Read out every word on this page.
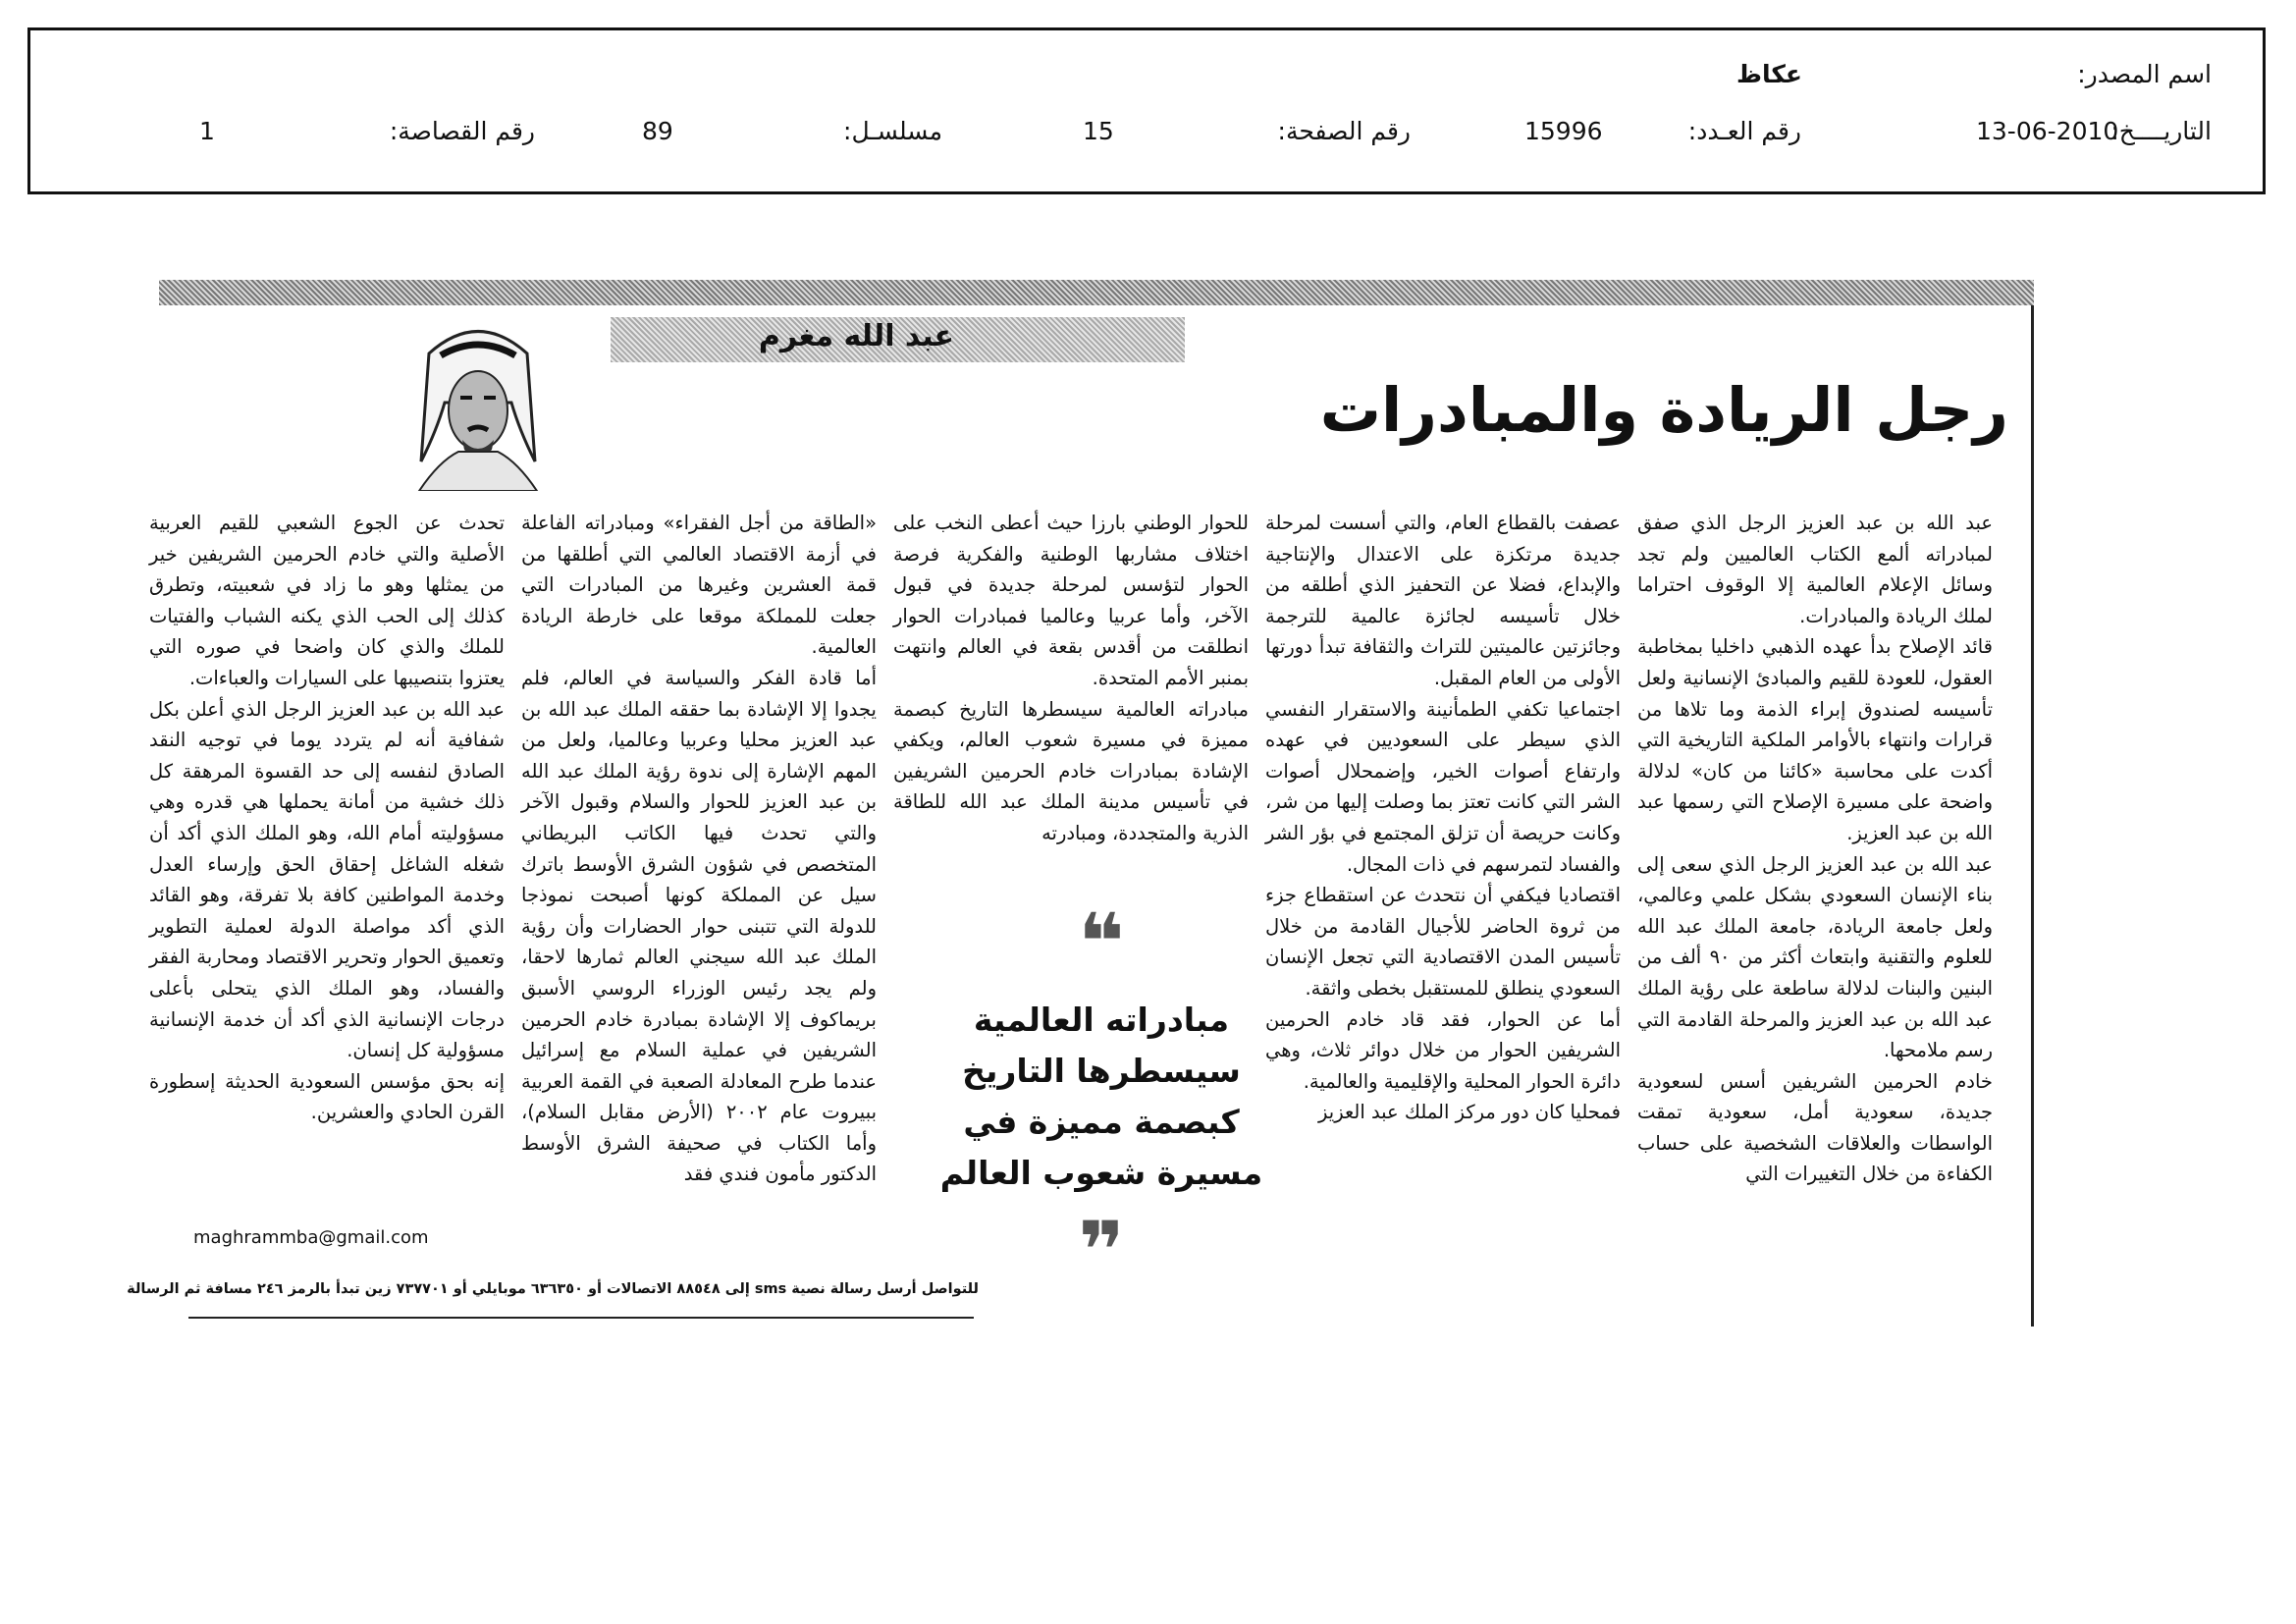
اسم المصدر:
عكاظ
التاريــــخ:
13-06-2010
رقم العـدد:
15996
رقم الصفحة:
15
مسلسـل:
89
رقم القصاصة:
1
عبد الله مغرم
رجل الريادة والمبادرات

عبد الله بن عبد العزيز الرجل الذي صفق لمبادراته ألمع الكتاب العالميين ولم تجد وسائل الإعلام العالمية إلا الوقوف احتراما لملك الريادة والمبادرات.

قائد الإصلاح بدأ عهده الذهبي داخليا بمخاطبة العقول، للعودة للقيم والمبادئ الإنسانية ولعل تأسيسه لصندوق إبراء الذمة وما تلاها من قرارات وانتهاء بالأوامر الملكية التاريخية التي أكدت على محاسبة «كائنا من كان» لدلالة واضحة على مسيرة الإصلاح التي رسمها عبد الله بن عبد العزيز.

عبد الله بن عبد العزيز الرجل الذي سعى إلى بناء الإنسان السعودي بشكل علمي وعالمي، ولعل جامعة الريادة، جامعة الملك عبد الله للعلوم والتقنية وابتعاث أكثر من ٩٠ ألف من البنين والبنات لدلالة ساطعة على رؤية الملك عبد الله بن عبد العزيز والمرحلة القادمة التي رسم ملامحها.

خادم الحرمين الشريفين أسس لسعودية جديدة، سعودية أمل، سعودية تمقت الواسطات والعلاقات الشخصية على حساب الكفاءة من خلال التغييرات التي

عصفت بالقطاع العام، والتي أسست لمرحلة جديدة مرتكزة على الاعتدال والإنتاجية والإبداع، فضلا عن التحفيز الذي أطلقه من خلال تأسيسه لجائزة عالمية للترجمة وجائزتين عالميتين للتراث والثقافة تبدأ دورتها الأولى من العام المقبل.

اجتماعيا تكفي الطمأنينة والاستقرار النفسي الذي سيطر على السعوديين في عهده وارتفاع أصوات الخير، وإضمحلال أصوات الشر التي كانت تعتز بما وصلت إليها من شر، وكانت حريصة أن تزلق المجتمع في بؤر الشر والفساد لتمرسهم في ذات المجال.

اقتصاديا فيكفي أن نتحدث عن استقطاع جزء من ثروة الحاضر للأجيال القادمة من خلال تأسيس المدن الاقتصادية التي تجعل الإنسان السعودي ينطلق للمستقبل بخطى واثقة.

أما عن الحوار، فقد قاد خادم الحرمين الشريفين الحوار من خلال دوائر ثلاث، وهي دائرة الحوار المحلية والإقليمية والعالمية.

فمحليا كان دور مركز الملك عبد العزيز

للحوار الوطني بارزا حيث أعطى النخب على اختلاف مشاربها الوطنية والفكرية فرصة الحوار لتؤسس لمرحلة جديدة في قبول الآخر، وأما عربيا وعالميا فمبادرات الحوار انطلقت من أقدس بقعة في العالم وانتهت بمنبر الأمم المتحدة.

مبادراته العالمية سيسطرها التاريخ كبصمة مميزة في مسيرة شعوب العالم، ويكفي الإشادة بمبادرات خادم الحرمين الشريفين في تأسيس مدينة الملك عبد الله للطاقة الذرية والمتجددة، ومبادرته

❝
مبادراته العالمية سيسطرها التاريخ كبصمة مميزة في مسيرة شعوب العالم
❞

«الطاقة من أجل الفقراء» ومبادراته الفاعلة في أزمة الاقتصاد العالمي التي أطلقها من قمة العشرين وغيرها من المبادرات التي جعلت للمملكة موقعا على خارطة الريادة العالمية.

أما قادة الفكر والسياسة في العالم، فلم يجدوا إلا الإشادة بما حققه الملك عبد الله بن عبد العزيز محليا وعربيا وعالميا، ولعل من المهم الإشارة إلى ندوة رؤية الملك عبد الله بن عبد العزيز للحوار والسلام وقبول الآخر والتي تحدث فيها الكاتب البريطاني المتخصص في شؤون الشرق الأوسط باترك سيل عن المملكة كونها أصبحت نموذجا للدولة التي تتبنى حوار الحضارات وأن رؤية الملك عبد الله سيجني العالم ثمارها لاحقا، ولم يجد رئيس الوزراء الروسي الأسبق بريماكوف إلا الإشادة بمبادرة خادم الحرمين الشريفين في عملية السلام مع إسرائيل عندما طرح المعادلة الصعبة في القمة العربية ببيروت عام ٢٠٠٢ (الأرض مقابل السلام)، وأما الكتاب في صحيفة الشرق الأوسط الدكتور مأمون فندي فقد

تحدث عن الجوع الشعبي للقيم العربية الأصلية والتي خادم الحرمين الشريفين خير من يمثلها وهو ما زاد في شعبيته، وتطرق كذلك إلى الحب الذي يكنه الشباب والفتيات للملك والذي كان واضحا في صوره التي يعتزوا بتنصيبها على السيارات والعباءات.

عبد الله بن عبد العزيز الرجل الذي أعلن بكل شفافية أنه لم يتردد يوما في توجيه النقد الصادق لنفسه إلى حد القسوة المرهقة كل ذلك خشية من أمانة يحملها هي قدره وهي مسؤوليته أمام الله، وهو الملك الذي أكد أن شغله الشاغل إحقاق الحق وإرساء العدل وخدمة المواطنين كافة بلا تفرقة، وهو القائد الذي أكد مواصلة الدولة لعملية التطوير وتعميق الحوار وتحرير الاقتصاد ومحاربة الفقر والفساد، وهو الملك الذي يتحلى بأعلى درجات الإنسانية الذي أكد أن خدمة الإنسانية مسؤولية كل إنسان.

إنه بحق مؤسس السعودية الحديثة إسطورة القرن الحادي والعشرين.

maghrammba@gmail.com
للتواصل أرسل رسالة نصية sms إلى ٨٨٥٤٨ الاتصالات أو ٦٣٦٣٥٠ موبايلي أو ٧٣٧٧٠١ زين تبدأ بالرمز ٢٤٦ مسافة ثم الرسالة
